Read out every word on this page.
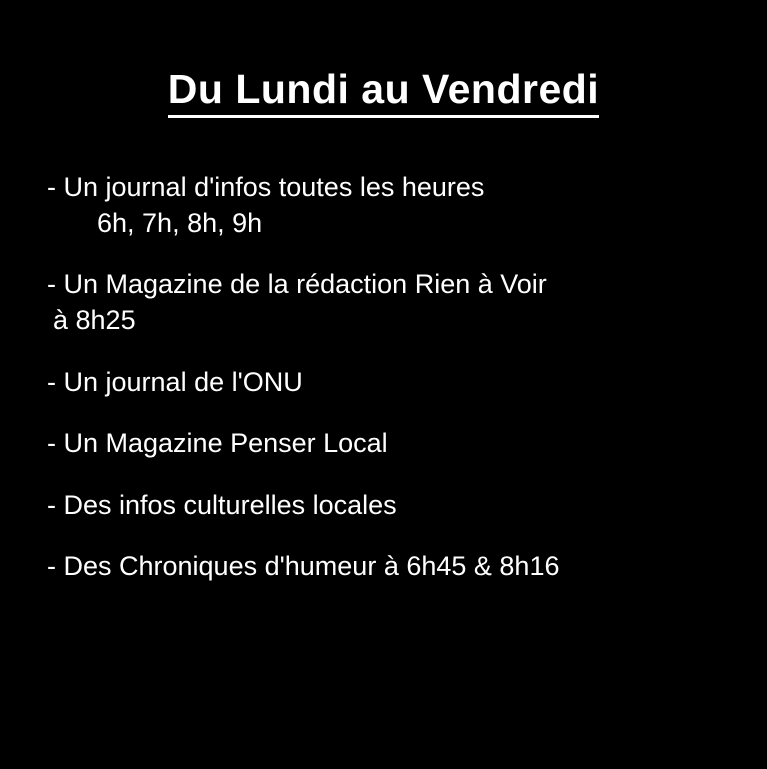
Du Lundi au Vendredi
- Un journal d'infos toutes les heures
6h, 7h, 8h, 9h
- Un Magazine de la rédaction Rien à Voir
à 8h25
- Un journal de l'ONU
- Un Magazine Penser Local
- Des infos culturelles locales
- Des Chroniques d'humeur à 6h45 & 8h16
